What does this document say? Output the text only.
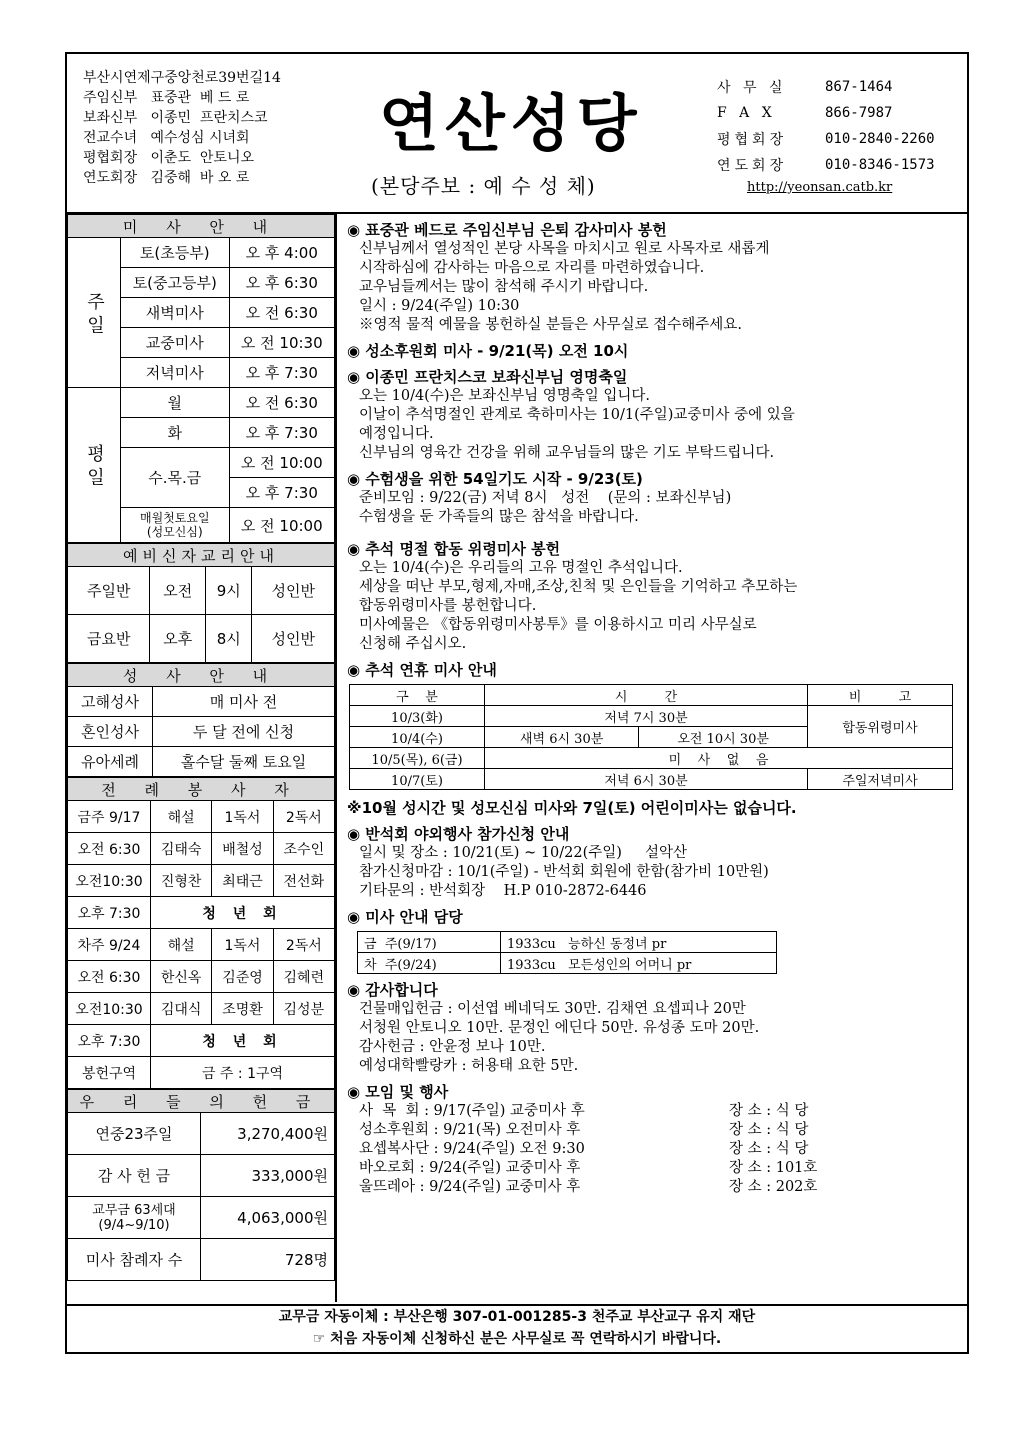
부산시연제구중앙천로39번길14
주임신부   표중관  베 드 로
보좌신부   이종민  프란치스코
전교수녀   예수성심 시녀회
평협회장   이춘도  안토니오
연도회장   김중해  바 오 로
연산성당
(본당주보 : 예 수 성 체)
사 무 실	867-1464
F A X	866-7987
평협회장	010-2840-2260
연도회장	010-8346-1573
http://yeonsan.catb.kr
미 사 안 내		
주 일	토(초등부)	오 후 4:00
	토(중고등부)	오 후 6:30
	새벽미사	오 전 6:30
	교중미사	오 전 10:30
	저녁미사	오 후 7:30
평 일	월	오 전 6:30
	화	오 후 7:30
	수.목.금	오 전 10:00
		오 후 7:30
	매월첫토요일
(성모신심)	오 전 10:00
예비신자교리안내			
주일반	오전	9시	성인반
금요반	오후	8시	성인반
성 사 안 내	
고해성사	매 미사 전
혼인성사	두 달 전에 신청
유아세례	홀수달 둘째 토요일
전 례 봉 사 자			
금주 9/17	해설	1독서	2독서
오전 6:30	김태숙	배철성	조수인
오전10:30	진형찬	최태근	전선화
오후 7:30	청 년 회		
차주 9/24	해설	1독서	2독서
오전 6:30	한신옥	김준영	김혜련
오전10:30	김대식	조명환	김성분
오후 7:30	청 년 회		
봉헌구역	금 주 : 1구역		
우 리 들 의 헌 금	
연중23주일	3,270,400원
감 사 헌 금	333,000원
교무금 63세대
(9/4~9/10)	4,063,000원
미사 참례자 수	728명
◉ 표중관 베드로 주임신부님 은퇴 감사미사 봉헌
신부님께서 열성적인 본당 사목을 마치시고 원로 사목자로 새롭게
시작하심에 감사하는 마음으로 자리를 마련하였습니다.
교우님들께서는 많이 참석해 주시기 바랍니다.
일시 : 9/24(주일) 10:30
※영적 물적 예물을 봉헌하실 분들은 사무실로 접수해주세요.
◉ 성소후원회 미사 - 9/21(목) 오전 10시
◉ 이종민 프란치스코 보좌신부님 영명축일
오는 10/4(수)은 보좌신부님 영명축일 입니다.
이날이 추석명절인 관계로 축하미사는 10/1(주일)교중미사 중에 있을
예정입니다.
신부님의 영육간 건강을 위해 교우님들의 많은 기도 부탁드립니다.
◉ 수험생을 위한 54일기도 시작 - 9/23(토)
준비모임 : 9/22(금) 저녁 8시   성전    (문의 : 보좌신부님)
수험생을 둔 가족들의 많은 참석을 바랍니다.
◉ 추석 명절 합동 위령미사 봉헌
오는 10/4(수)은 우리들의 고유 명절인 추석입니다.
세상을 떠난 부모,형제,자매,조상,친척 및 은인들을 기억하고 추모하는
합동위령미사를 봉헌합니다.
미사예물은 《합동위령미사봉투》를 이용하시고 미리 사무실로
신청해 주십시오.
◉ 추석 연휴 미사 안내
구    분	시         간		비         고
10/3(화)	저녁 7시 30분		합동위령미사
10/4(수)	새벽 6시 30분	오전 10시 30분	
10/5(목), 6(금)	미    사    없    음		
10/7(토)	저녁 6시 30분		주일저녁미사
※10월 성시간 및 성모신심 미사와 7일(토) 어린이미사는 없습니다.
◉ 반석회 야외행사 참가신청 안내
일시 및 장소 : 10/21(토) ~ 10/22(주일)     설악산
참가신청마감 : 10/1(주일) - 반석회 회원에 한함(참가비 10만원)
기타문의 : 반석회장    H.P 010-2872-6446
◉ 미사 안내 담당
금  주(9/17)	1933cu   능하신 동정녀 pr
차  주(9/24)	1933cu   모든성인의 어머니 pr
◉ 감사합니다
건물매입헌금 : 이선엽 베네딕도 30만. 김채연 요셉피나 20만
서청원 안토니오 10만. 문정인 에딘다 50만. 유성종 도마 20만.
감사헌금 : 안윤정 보나 10만.
예성대학빨랑카 : 허용태 요한 5만.
◉ 모임 및 행사
사  목  회 : 9/17(주일) 교중미사 후	장 소 : 식 당
성소후원회 : 9/21(목) 오전미사 후	장 소 : 식 당
요셉복사단 : 9/24(주일) 오전 9:30	장 소 : 식 당
바오로회 : 9/24(주일) 교중미사 후	장 소 : 101호
울뜨레아 : 9/24(주일) 교중미사 후	장 소 : 202호
교무금 자동이체 : 부산은행 307-01-001285-3 천주교 부산교구 유지 재단
☞ 처음 자동이체 신청하신 분은 사무실로 꼭 연락하시기 바랍니다.
